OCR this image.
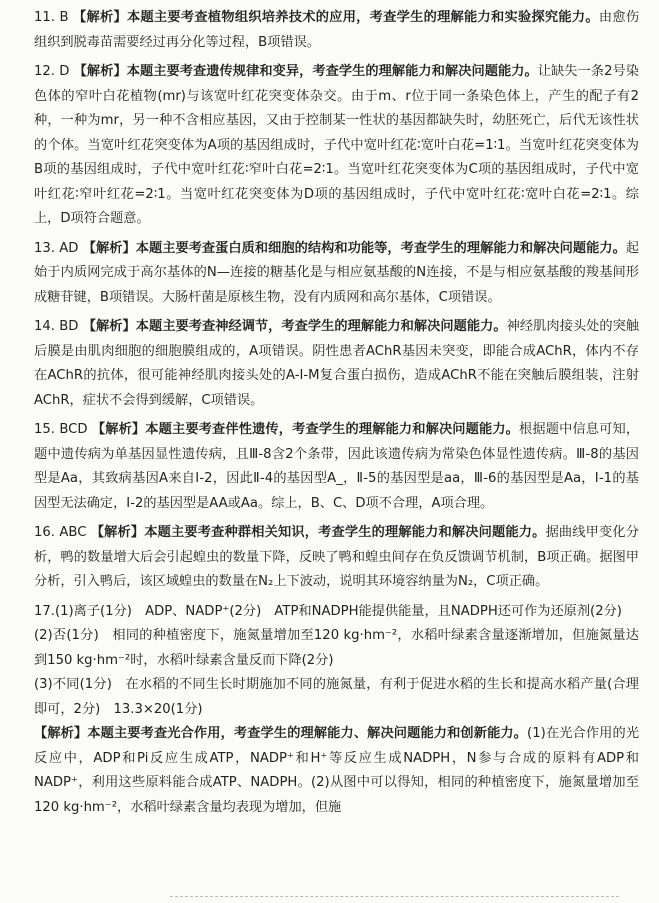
11. B 【解析】本题主要考查植物组织培养技术的应用，考查学生的理解能力和实验探究能力。由愈伤组织到脱毒苗需要经过再分化等过程，B项错误。
12. D 【解析】本题主要考查遗传规律和变异，考查学生的理解能力和解决问题能力。让缺失一条2号染色体的窄叶白花植物(mr)与该宽叶红花突变体杂交。由于m、r位于同一条染色体上，产生的配子有2种，一种为mr，另一种不含相应基因，又由于控制某一性状的基因都缺失时，幼胚死亡，后代无该性状的个体。当宽叶红花突变体为A项的基因组成时，子代中宽叶红花∶宽叶白花=1∶1。当宽叶红花突变体为B项的基因组成时，子代中宽叶红花∶窄叶白花=2∶1。当宽叶红花突变体为C项的基因组成时，子代中宽叶红花∶窄叶红花=2∶1。当宽叶红花突变体为D项的基因组成时，子代中宽叶红花∶宽叶白花=2∶1。综上，D项符合题意。
13. AD 【解析】本题主要考查蛋白质和细胞的结构和功能等，考查学生的理解能力和解决问题能力。起始于内质网完成于高尔基体的N—连接的糖基化是与相应氨基酸的N连接，不是与相应氨基酸的羧基间形成糖苷键，B项错误。大肠杆菌是原核生物，没有内质网和高尔基体，C项错误。
14. BD 【解析】本题主要考查神经调节，考查学生的理解能力和解决问题能力。神经肌肉接头处的突触后膜是由肌肉细胞的细胞膜组成的，A项错误。阴性患者AChR基因未突变，即能合成AChR，体内不存在AChR的抗体，很可能神经肌肉接头处的A-I-M复合蛋白损伤，造成AChR不能在突触后膜组装，注射AChR，症状不会得到缓解，C项错误。
15. BCD 【解析】本题主要考查伴性遗传，考查学生的理解能力和解决问题能力。根据题中信息可知，题中遗传病为单基因显性遗传病，且Ⅲ-8含2个条带，因此该遗传病为常染色体显性遗传病。Ⅲ-8的基因型是Aa，其致病基因A来自Ⅰ-2，因此Ⅱ-4的基因型A_，Ⅱ-5的基因型是aa，Ⅲ-6的基因型是Aa，Ⅰ-1的基因型无法确定，Ⅰ-2的基因型是AA或Aa。综上，B、C、D项不合理，A项合理。
16. ABC 【解析】本题主要考查种群相关知识，考查学生的理解能力和解决问题能力。据曲线甲变化分析，鸭的数量增大后会引起蝗虫的数量下降，反映了鸭和蝗虫间存在负反馈调节机制，B项正确。据图甲分析，引入鸭后，该区域蝗虫的数量在N₂上下波动，说明其环境容纳量为N₂，C项正确。
17.(1)离子(1分)　ADP、NADP⁺(2分)　ATP和NADPH能提供能量，且NADPH还可作为还原剂(2分)
(2)否(1分)　相同的种植密度下，施氮量增加至120 kg·hm⁻²，水稻叶绿素含量逐渐增加，但施氮量达到150 kg·hm⁻²时，水稻叶绿素含量反而下降(2分)
(3)不同(1分)　在水稻的不同生长时期施加不同的施氮量，有利于促进水稻的生长和提高水稻产量(合理即可，2分)　13.3×20(1分)
【解析】本题主要考查光合作用，考查学生的理解能力、解决问题能力和创新能力。(1)在光合作用的光反应中，ADP和Pi反应生成ATP，NADP⁺和H⁺等反应生成NADPH，N参与合成的原料有ADP和NADP⁺，利用这些原料能合成ATP、NADPH。(2)从图中可以得知，相同的种植密度下，施氮量增加至120 kg·hm⁻²，水稻叶绿素含量均表现为增加，但施
